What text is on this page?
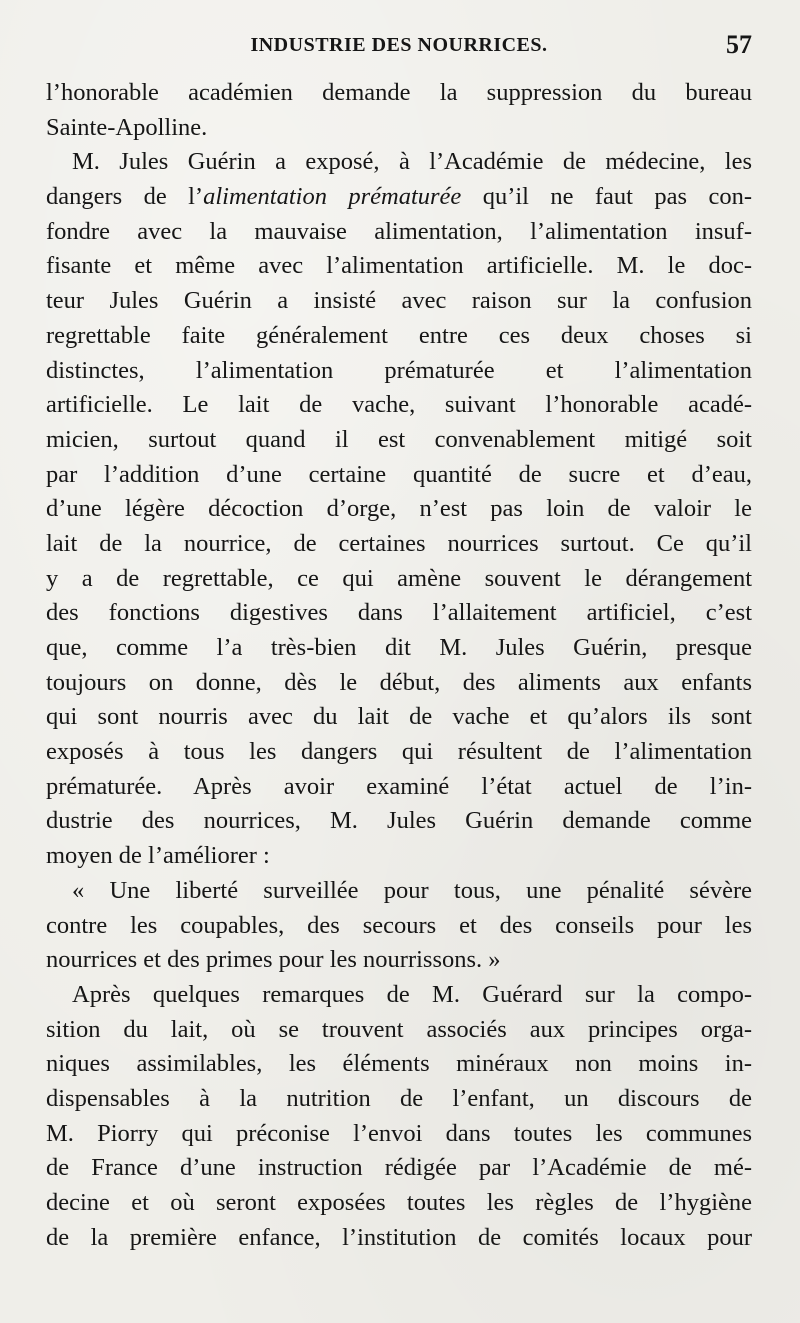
INDUSTRIE DES NOURRICES.	57
l’honorable académien demande la suppression du bureau
Sainte-Apolline.
M. Jules Guérin a exposé, à l’Académie de médecine, les
dangers de l’alimentation prématurée qu’il ne faut pas con-
fondre avec la mauvaise alimentation, l’alimentation insuf-
fisante et même avec l’alimentation artificielle. M. le doc-
teur Jules Guérin a insisté avec raison sur la confusion
regrettable faite généralement entre ces deux choses si
distinctes, l’alimentation prématurée et l’alimentation
artificielle. Le lait de vache, suivant l’honorable acadé-
micien, surtout quand il est convenablement mitigé soit
par l’addition d’une certaine quantité de sucre et d’eau,
d’une légère décoction d’orge, n’est pas loin de valoir le
lait de la nourrice, de certaines nourrices surtout. Ce qu’il
y a de regrettable, ce qui amène souvent le dérangement
des fonctions digestives dans l’allaitement artificiel, c’est
que, comme l’a très-bien dit M. Jules Guérin, presque
toujours on donne, dès le début, des aliments aux enfants
qui sont nourris avec du lait de vache et qu’alors ils sont
exposés à tous les dangers qui résultent de l’alimentation
prématurée. Après avoir examiné l’état actuel de l’in-
dustrie des nourrices, M. Jules Guérin demande comme
moyen de l’améliorer :
« Une liberté surveillée pour tous, une pénalité sévère
contre les coupables, des secours et des conseils pour les
nourrices et des primes pour les nourrissons. »
Après quelques remarques de M. Guérard sur la compo-
sition du lait, où se trouvent associés aux principes orga-
niques assimilables, les éléments minéraux non moins in-
dispensables à la nutrition de l’enfant, un discours de
M. Piorry qui préconise l’envoi dans toutes les communes
de France d’une instruction rédigée par l’Académie de mé-
decine et où seront exposées toutes les règles de l’hygiène
de la première enfance, l’institution de comités locaux pour
